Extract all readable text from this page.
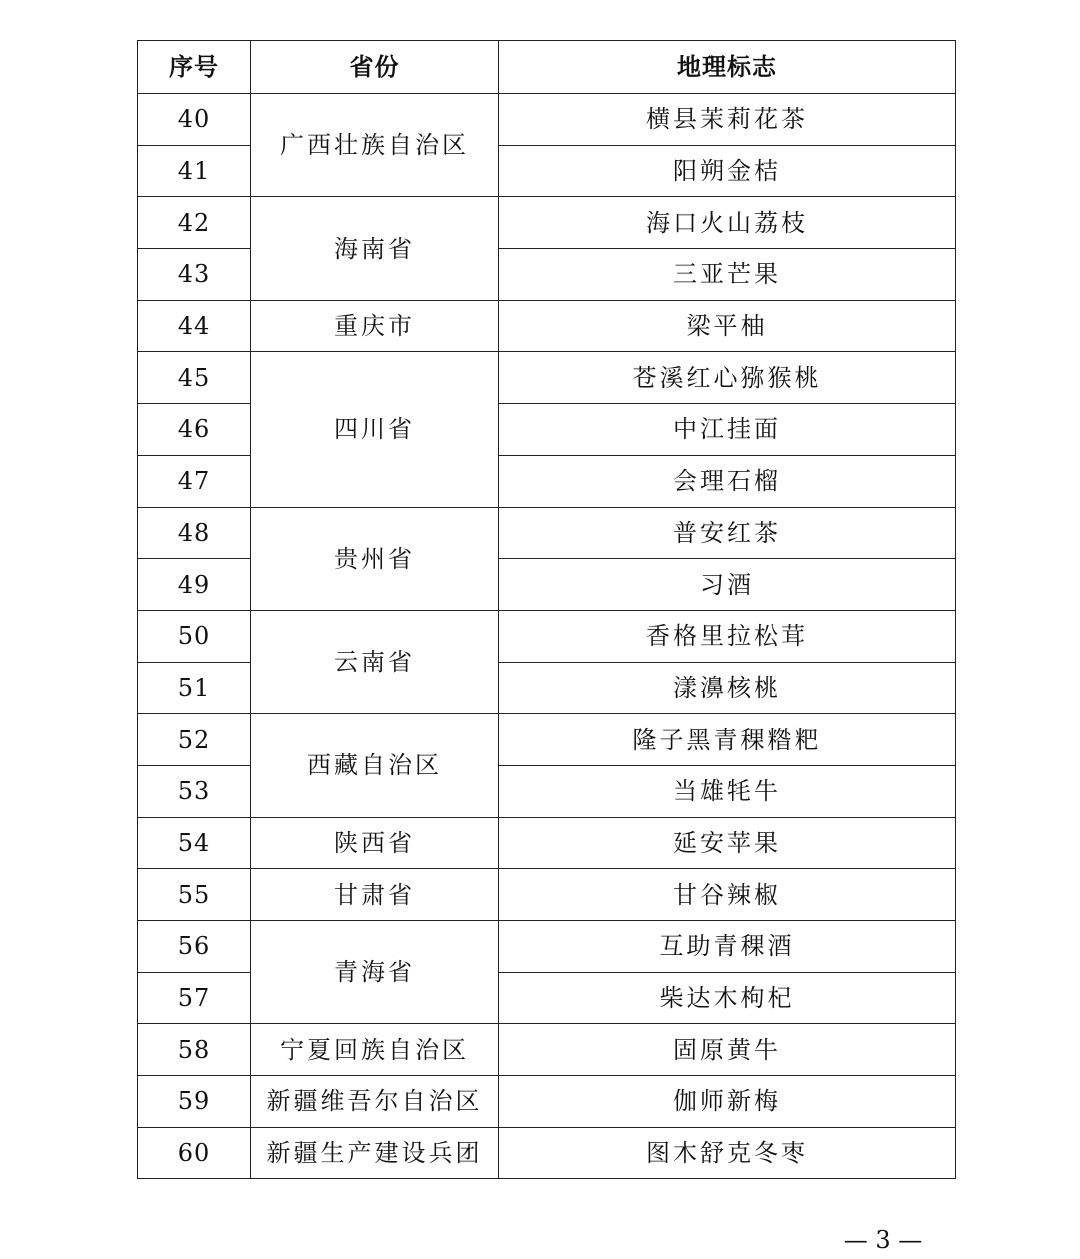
序号	省份	地理标志
40	广西壮族自治区	横县茉莉花茶
41		阳朔金桔
42	海南省	海口火山荔枝
43		三亚芒果
44	重庆市	梁平柚
45	四川省	苍溪红心猕猴桃
46		中江挂面
47		会理石榴
48	贵州省	普安红茶
49		习酒
50	云南省	香格里拉松茸
51		漾濞核桃
52	西藏自治区	隆子黑青稞糌粑
53		当雄牦牛
54	陕西省	延安苹果
55	甘肃省	甘谷辣椒
56	青海省	互助青稞酒
57		柴达木枸杞
58	宁夏回族自治区	固原黄牛
59	新疆维吾尔自治区	伽师新梅
60	新疆生产建设兵团	图木舒克冬枣
— 3 —
